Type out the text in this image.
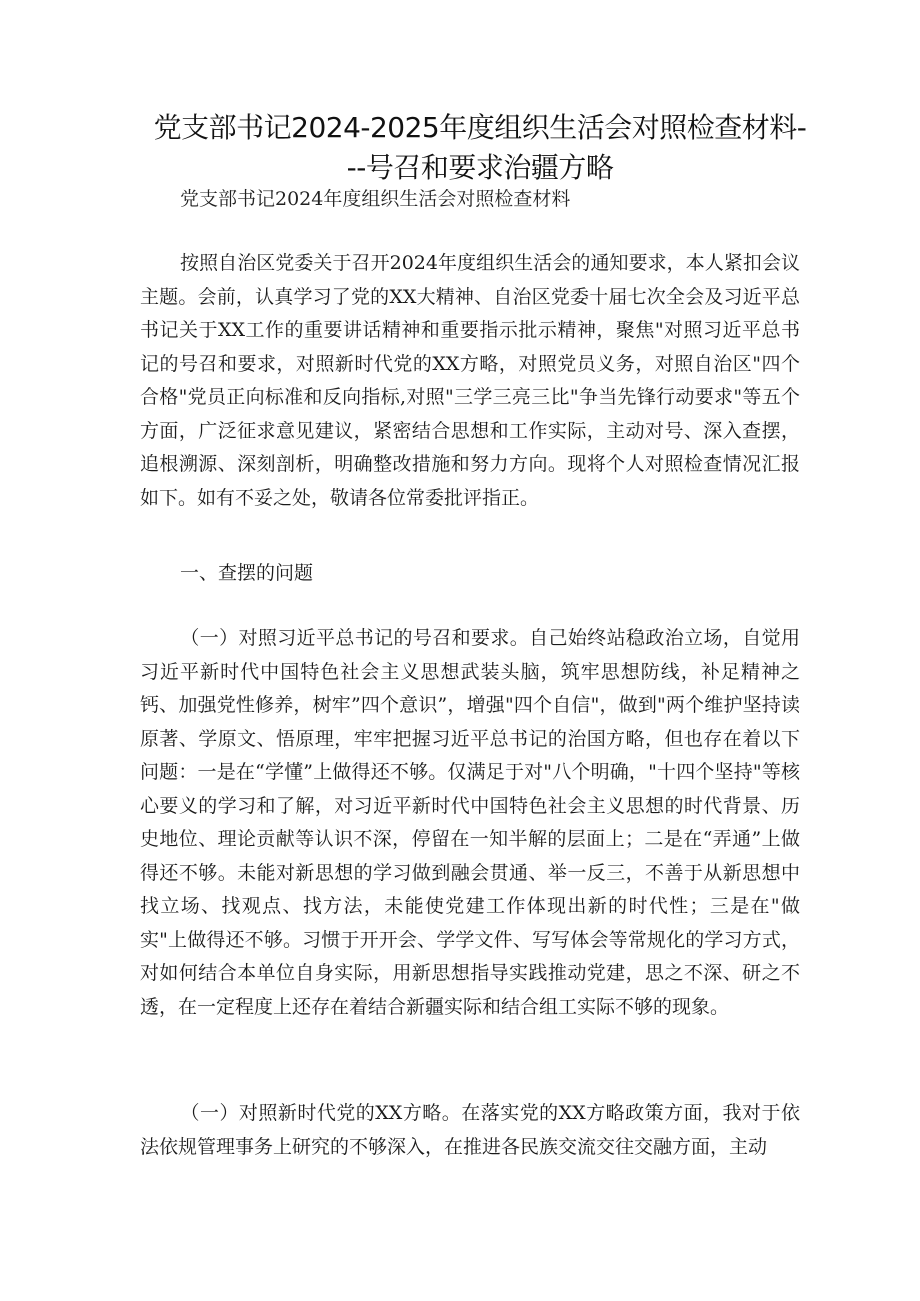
党支部书记2024-2025年度组织生活会对照检查材料---号召和要求治疆方略
党支部书记2024年度组织生活会对照检查材料
按照自治区党委关于召开2024年度组织生活会的通知要求，本人紧扣会议主题。会前，认真学习了党的XX大精神、自治区党委十届七次全会及习近平总书记关于XX工作的重要讲话精神和重要指示批示精神，聚焦"对照习近平总书记的号召和要求，对照新时代党的XX方略，对照党员义务，对照自治区"四个合格"党员正向标准和反向指标,对照"三学三亮三比"争当先锋行动要求"等五个方面，广泛征求意见建议，紧密结合思想和工作实际，主动对号、深入查摆，追根溯源、深刻剖析，明确整改措施和努力方向。现将个人对照检查情况汇报如下。如有不妥之处，敬请各位常委批评指正。
一、查摆的问题
（一）对照习近平总书记的号召和要求。自己始终站稳政治立场，自觉用习近平新时代中国特色社会主义思想武装头脑，筑牢思想防线，补足精神之钙、加强党性修养，树牢”四个意识”，增强"四个自信"，做到"两个维护坚持读原著、学原文、悟原理，牢牢把握习近平总书记的治国方略，但也存在着以下问题：一是在“学懂”上做得还不够。仅满足于对"八个明确，"十四个坚持"等核心要义的学习和了解，对习近平新时代中国特色社会主义思想的时代背景、历史地位、理论贡献等认识不深，停留在一知半解的层面上；二是在“弄通”上做得还不够。未能对新思想的学习做到融会贯通、举一反三，不善于从新思想中找立场、找观点、找方法，未能使党建工作体现出新的时代性；三是在"做实"上做得还不够。习惯于开开会、学学文件、写写体会等常规化的学习方式，对如何结合本单位自身实际，用新思想指导实践推动党建，思之不深、研之不透，在一定程度上还存在着结合新疆实际和结合组工实际不够的现象。
（一）对照新时代党的XX方略。在落实党的XX方略政策方面，我对于依法依规管理事务上研究的不够深入，在推进各民族交流交往交融方面，主动
